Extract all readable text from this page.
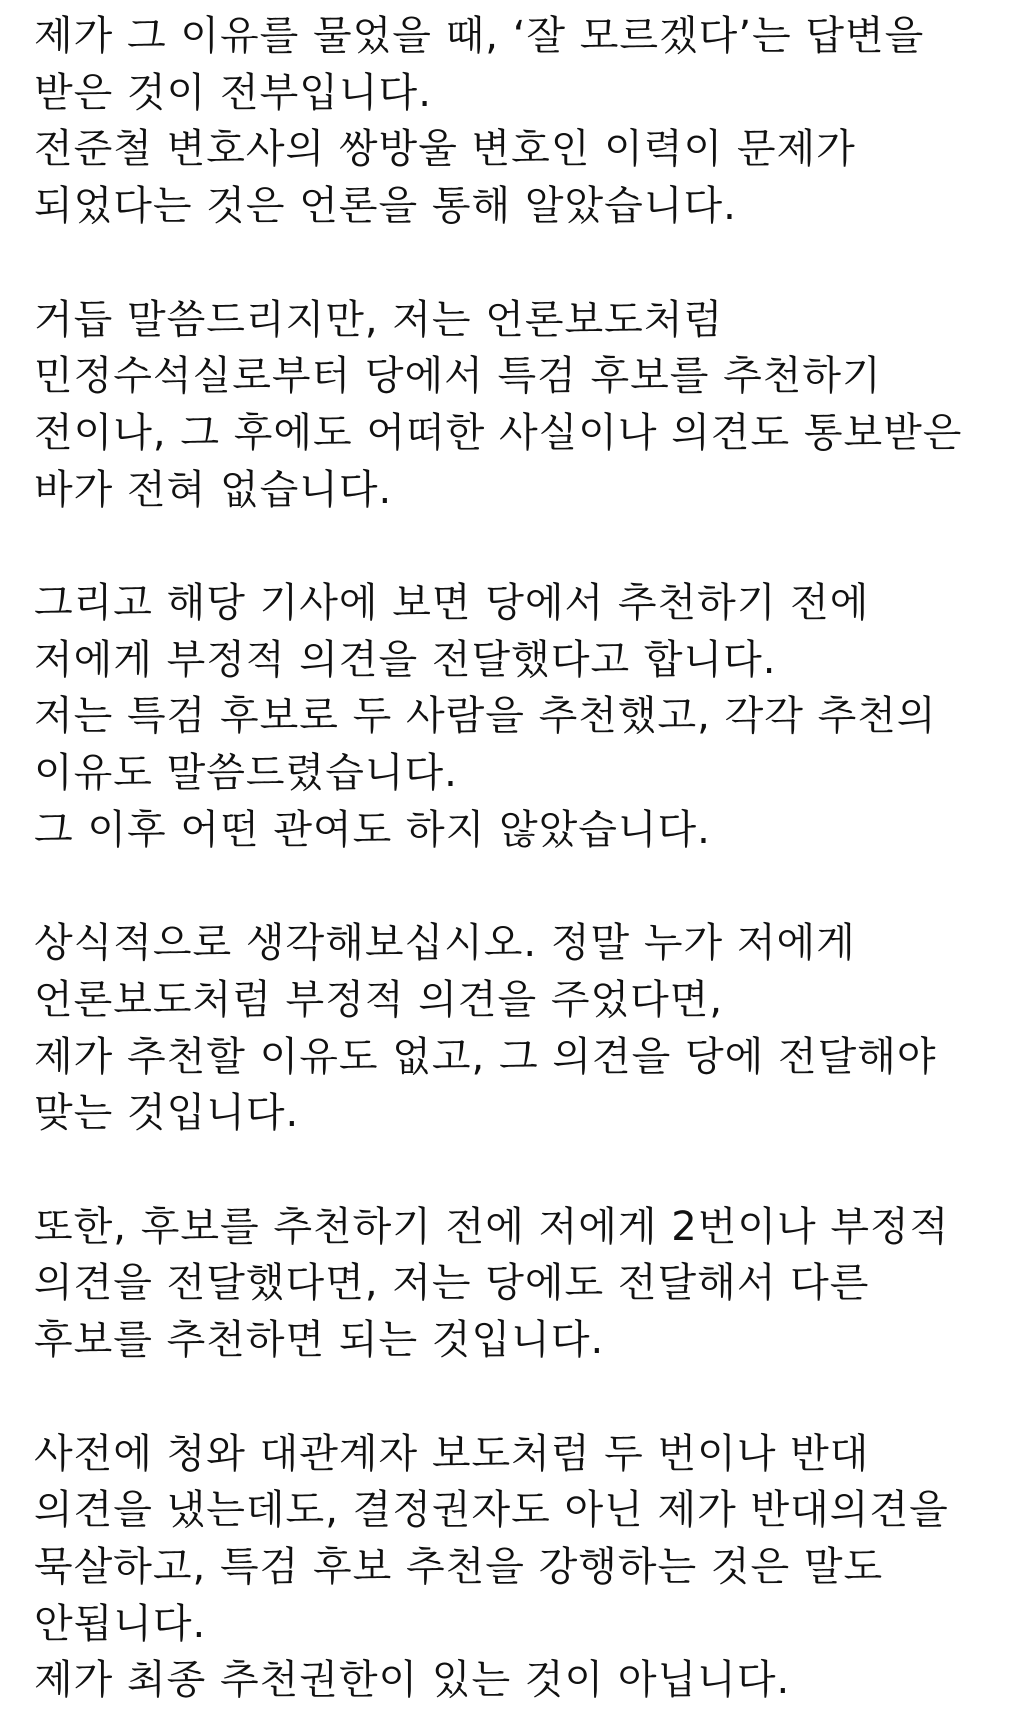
제가 그 이유를 물었을 때, ‘잘 모르겠다’는 답변을
받은 것이 전부입니다.
전준철 변호사의 쌍방울 변호인 이력이 문제가
되었다는 것은 언론을 통해 알았습니다.
거듭 말씀드리지만, 저는 언론보도처럼
민정수석실로부터 당에서 특검 후보를 추천하기
전이나, 그 후에도 어떠한 사실이나 의견도 통보받은
바가 전혀 없습니다.
그리고 해당 기사에 보면 당에서 추천하기 전에
저에게 부정적 의견을 전달했다고 합니다.
저는 특검 후보로 두 사람을 추천했고, 각각 추천의
이유도 말씀드렸습니다.
그 이후 어떤 관여도 하지 않았습니다.
상식적으로 생각해보십시오. 정말 누가 저에게
언론보도처럼 부정적 의견을 주었다면,
제가 추천할 이유도 없고, 그 의견을 당에 전달해야
맞는 것입니다.
또한, 후보를 추천하기 전에 저에게 2번이나 부정적
의견을 전달했다면, 저는 당에도 전달해서 다른
후보를 추천하면 되는 것입니다.
사전에 청와 대관계자 보도처럼 두 번이나 반대
의견을 냈는데도, 결정권자도 아닌 제가 반대의견을
묵살하고, 특검 후보 추천을 강행하는 것은 말도
안됩니다.
제가 최종 추천권한이 있는 것이 아닙니다.
